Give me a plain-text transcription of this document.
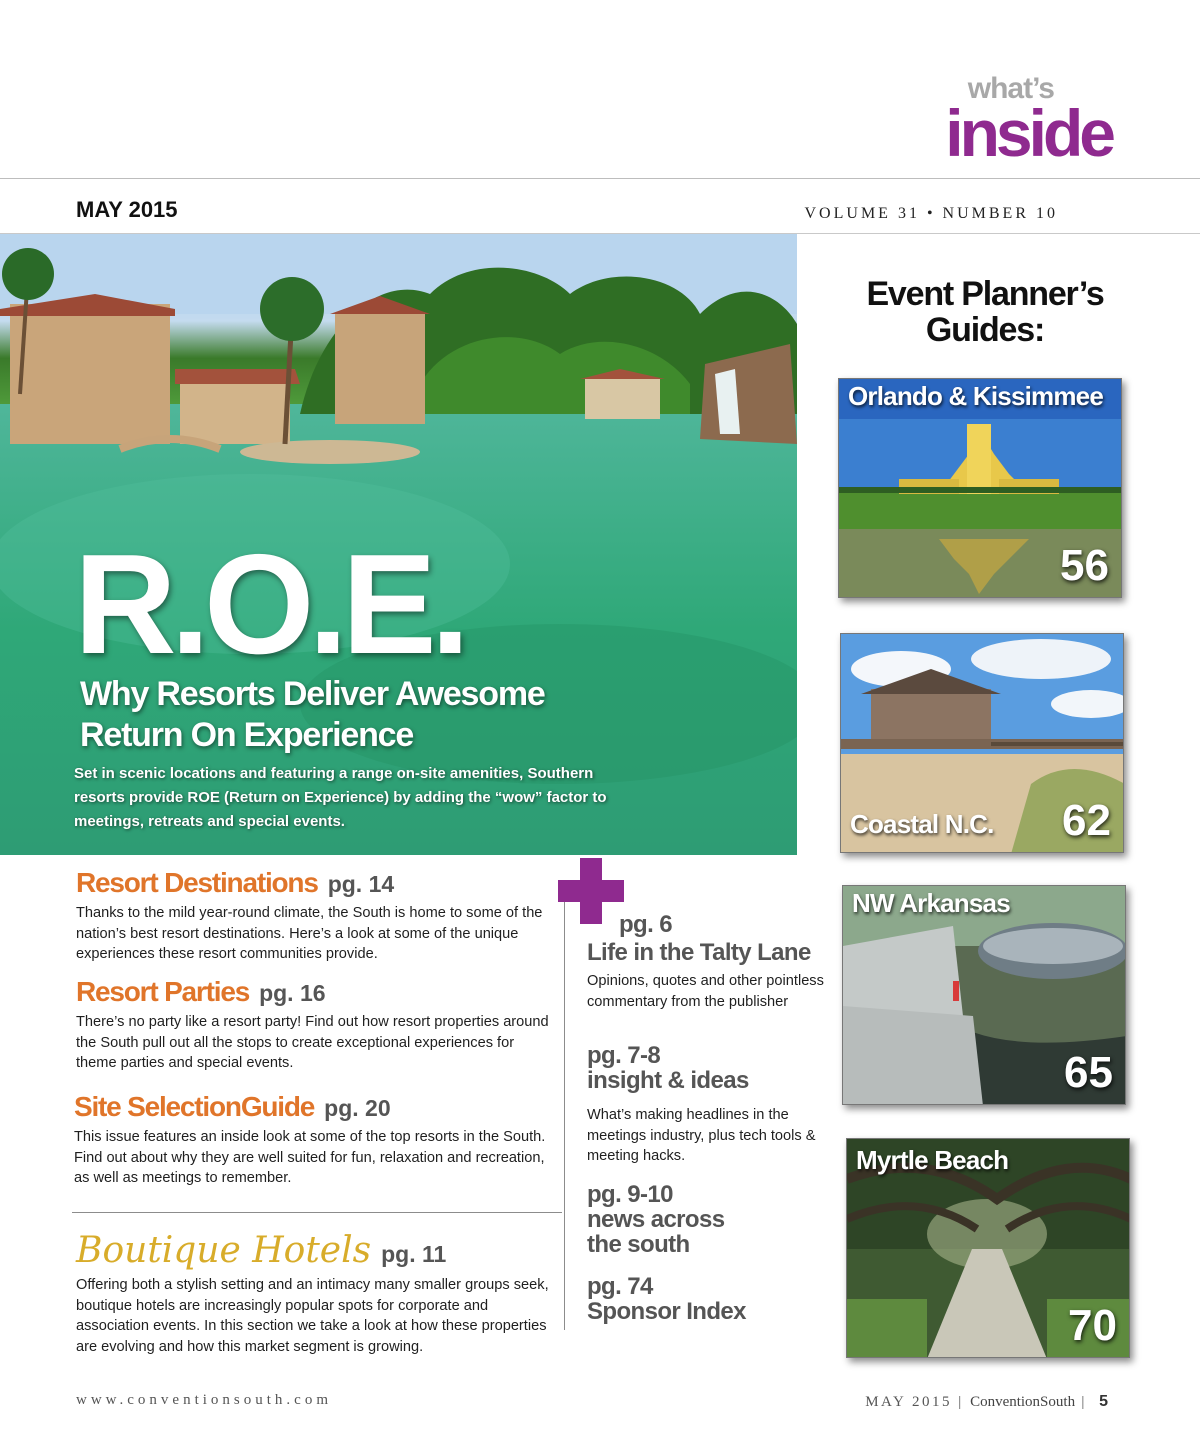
what’s
inside
MAY 2015	VOLUME 31 • NUMBER 10
R.O.E.
Why Resorts Deliver Awesome Return On Experience
Set in scenic locations and featuring a range on-site amenities, Southern resorts provide ROE (Return on Experience) by adding the “wow” factor to meetings, retreats and special events.
Resort Destinations pg. 14
Thanks to the mild year-round climate, the South is home to some of the nation’s best resort destinations. Here’s a look at some of the unique experiences these resort communities provide.
Resort Parties pg. 16
There’s no party like a resort party! Find out how resort properties around the South pull out all the stops to create exceptional experiences for theme parties and special events.
Site SelectionGuide pg. 20
This issue features an inside look at some of the top resorts in the South. Find out about why they are well suited for fun, relaxation and recreation, as well as meetings to remember.
Boutique Hotels pg. 11
Offering both a stylish setting and an intimacy many smaller groups seek, boutique hotels are increasingly popular spots for corporate and association events. In this section we take a look at how these properties are evolving and how this market segment is growing.
pg. 6
Life in the Talty Lane
Opinions, quotes and other pointless commentary from the publisher
pg. 7-8
insight & ideas
What’s making headlines in the meetings industry, plus tech tools & meeting hacks.
pg. 9-10
news across the south
pg. 74
Sponsor Index
Event Planner’s Guides:
Orlando & Kissimmee
56
Coastal N.C. 62
NW Arkansas
65
Myrtle Beach
70
www.conventionsouth.com	MAY 2015 | ConventionSouth | 5
